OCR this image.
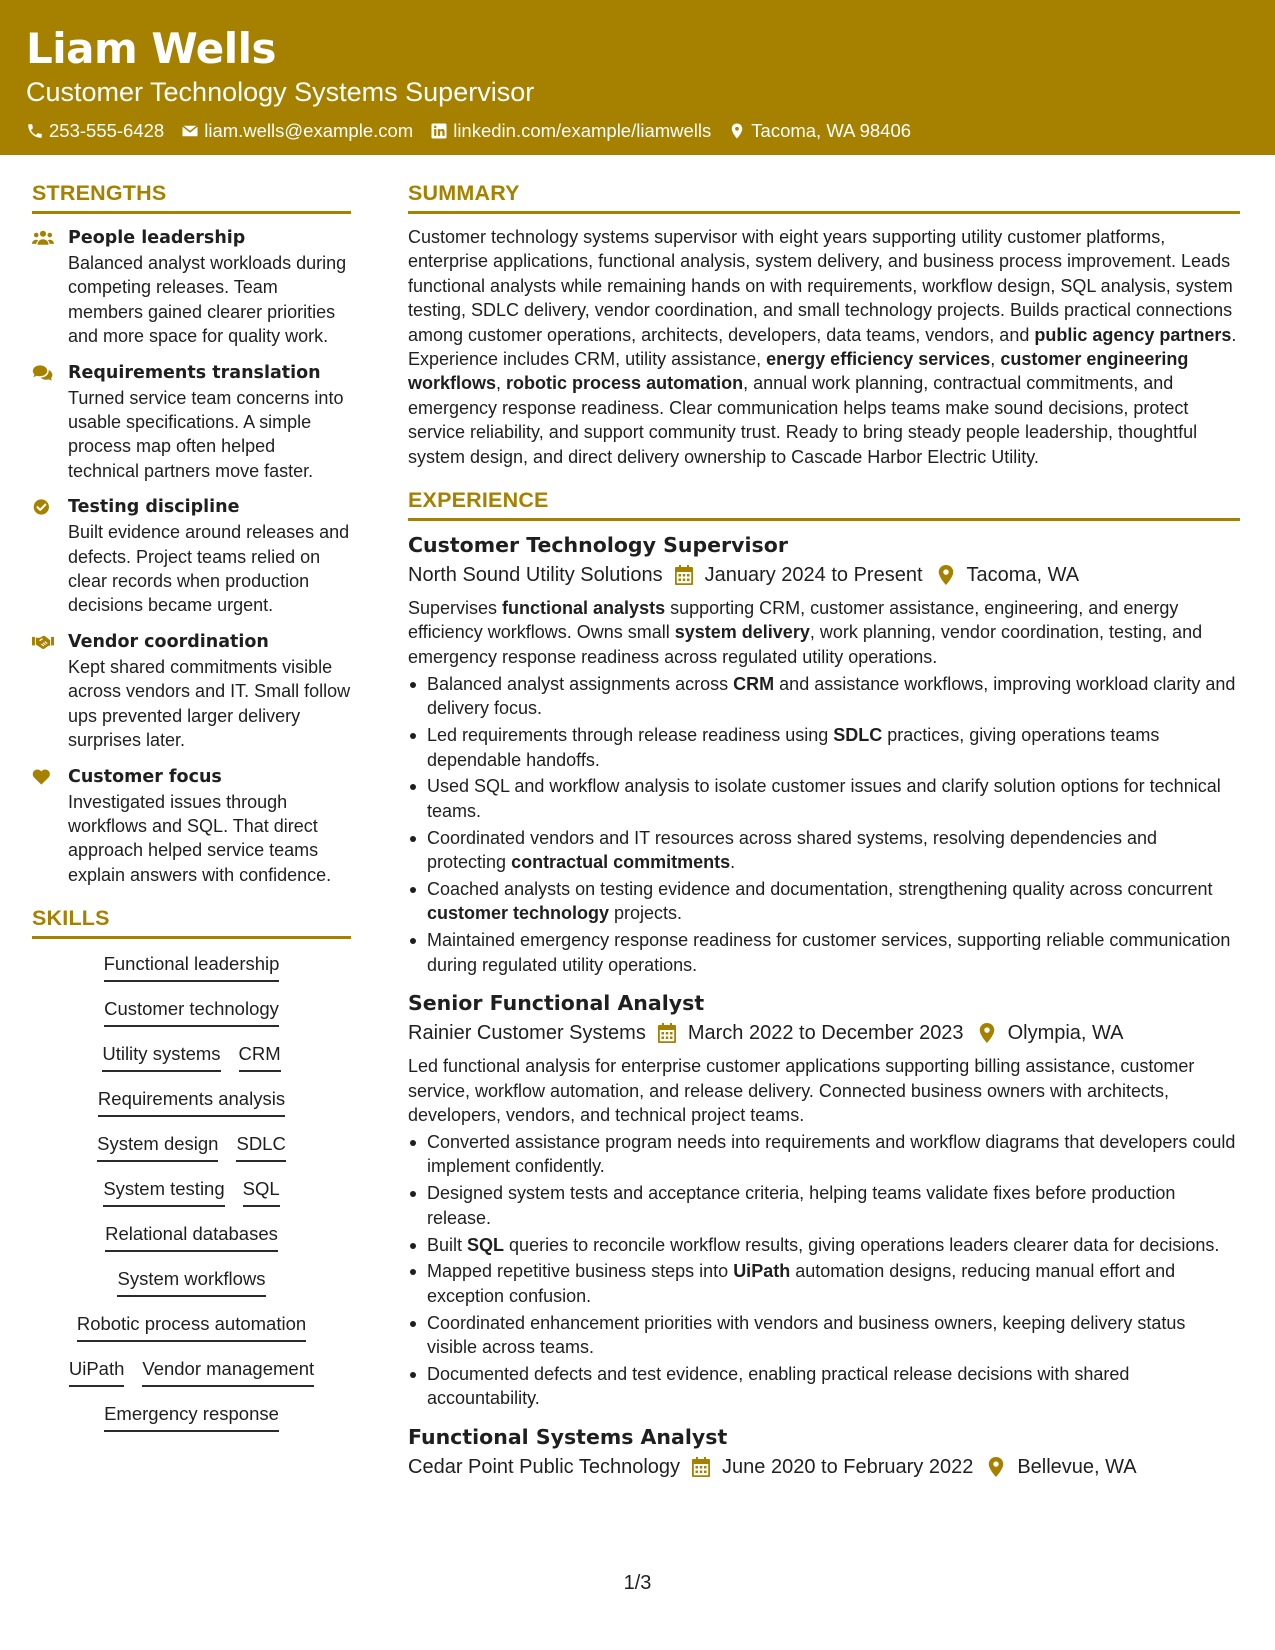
Liam Wells
Customer Technology Systems Supervisor
253-555-6428 liam.wells@example.com linkedin.com/example/liamwells Tacoma, WA 98406
STRENGTHS
People leadership
Balanced analyst workloads during competing releases. Team members gained clearer priorities and more space for quality work.
Requirements translation
Turned service team concerns into usable specifications. A simple process map often helped technical partners move faster.
Testing discipline
Built evidence around releases and defects. Project teams relied on clear records when production decisions became urgent.
Vendor coordination
Kept shared commitments visible across vendors and IT. Small follow ups prevented larger delivery surprises later.
Customer focus
Investigated issues through workflows and SQL. That direct approach helped service teams explain answers with confidence.
SKILLS
Functional leadership
Customer technology
Utility systems CRM
Requirements analysis
System design SDLC
System testing SQL
Relational databases
System workflows
Robotic process automation
UiPath Vendor management
Emergency response
SUMMARY
Customer technology systems supervisor with eight years supporting utility customer platforms, enterprise applications, functional analysis, system delivery, and business process improvement. Leads functional analysts while remaining hands on with requirements, workflow design, SQL analysis, system testing, SDLC delivery, vendor coordination, and small technology projects. Builds practical connections among customer operations, architects, developers, data teams, vendors, and public agency partners. Experience includes CRM, utility assistance, energy efficiency services, customer engineering workflows, robotic process automation, annual work planning, contractual commitments, and emergency response readiness. Clear communication helps teams make sound decisions, protect service reliability, and support community trust. Ready to bring steady people leadership, thoughtful system design, and direct delivery ownership to Cascade Harbor Electric Utility.
EXPERIENCE
Customer Technology Supervisor
North Sound Utility Solutions January 2024 to Present Tacoma, WA
Supervises functional analysts supporting CRM, customer assistance, engineering, and energy efficiency workflows. Owns small system delivery, work planning, vendor coordination, testing, and emergency response readiness across regulated utility operations.
Balanced analyst assignments across CRM and assistance workflows, improving workload clarity and delivery focus.
Led requirements through release readiness using SDLC practices, giving operations teams dependable handoffs.
Used SQL and workflow analysis to isolate customer issues and clarify solution options for technical teams.
Coordinated vendors and IT resources across shared systems, resolving dependencies and protecting contractual commitments.
Coached analysts on testing evidence and documentation, strengthening quality across concurrent customer technology projects.
Maintained emergency response readiness for customer services, supporting reliable communication during regulated utility operations.
Senior Functional Analyst
Rainier Customer Systems March 2022 to December 2023 Olympia, WA
Led functional analysis for enterprise customer applications supporting billing assistance, customer service, workflow automation, and release delivery. Connected business owners with architects, developers, vendors, and technical project teams.
Converted assistance program needs into requirements and workflow diagrams that developers could implement confidently.
Designed system tests and acceptance criteria, helping teams validate fixes before production release.
Built SQL queries to reconcile workflow results, giving operations leaders clearer data for decisions.
Mapped repetitive business steps into UiPath automation designs, reducing manual effort and exception confusion.
Coordinated enhancement priorities with vendors and business owners, keeping delivery status visible across teams.
Documented defects and test evidence, enabling practical release decisions with shared accountability.
Functional Systems Analyst
Cedar Point Public Technology June 2020 to February 2022 Bellevue, WA
1/3
